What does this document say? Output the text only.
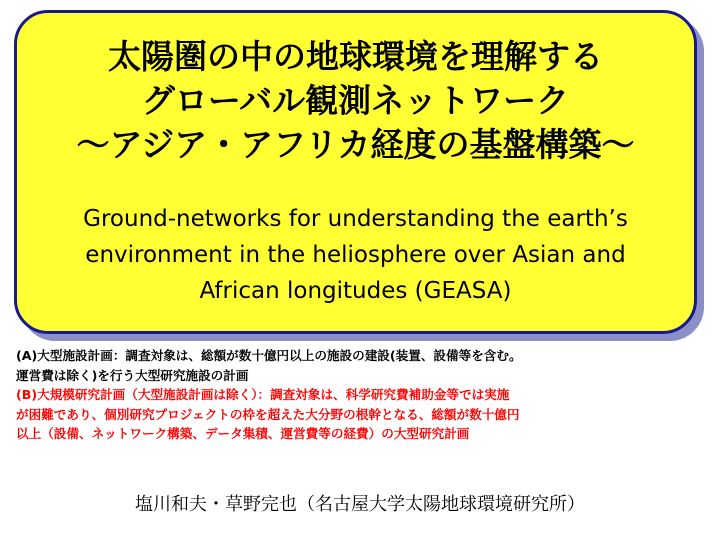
太陽圏の中の地球環境を理解する
グローバル観測ネットワーク
～アジア・アフリカ経度の基盤構築～
Ground-networks for understanding the earth’s
environment in the heliosphere over Asian and
African longitudes (GEASA)
(A)大型施設計画：調査対象は、総額が数十億円以上の施設の建設(装置、設備等を含む。
運営費は除く)を行う大型研究施設の計画
(B)大規模研究計画（大型施設計画は除く）：調査対象は、科学研究費補助金等では実施
が困難であり、個別研究プロジェクトの枠を超えた大分野の根幹となる、総額が数十億円
以上（設備、ネットワーク構築、データ集積、運営費等の経費）の大型研究計画
塩川和夫・草野完也（名古屋大学太陽地球環境研究所）
